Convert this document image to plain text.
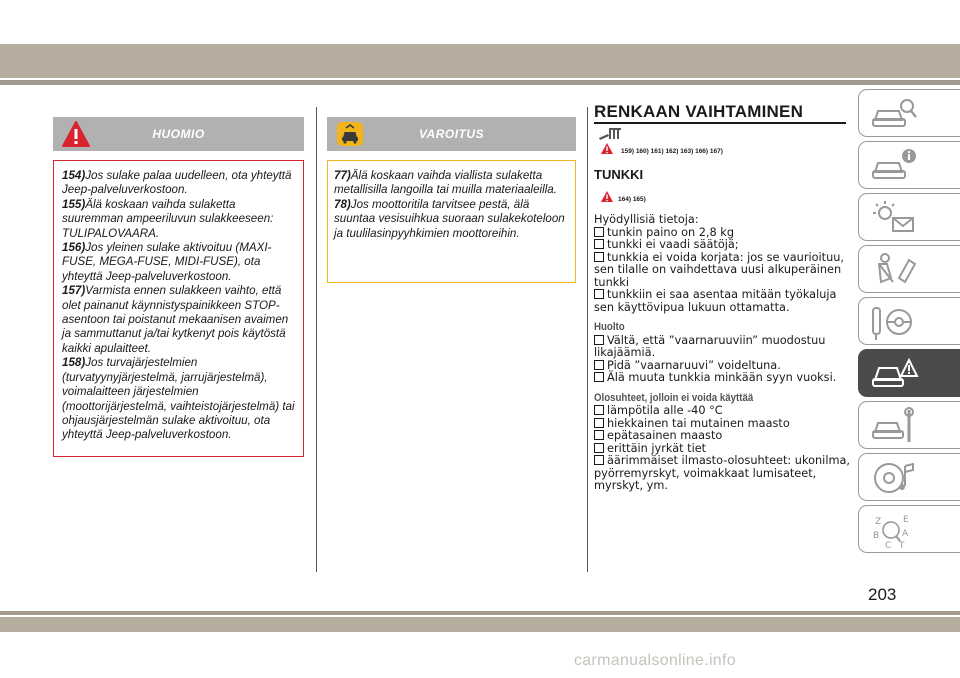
HUOMIO
154)Jos sulake palaa uudelleen, ota yhteyttä Jeep-palveluverkostoon.
155)Älä koskaan vaihda sulaketta suuremman ampeeriluvun sulakkeeseen: TULIPALOVAARA.
156)Jos yleinen sulake aktivoituu (MAXI-FUSE, MEGA-FUSE, MIDI-FUSE), ota yhteyttä Jeep-palveluverkostoon.
157)Varmista ennen sulakkeen vaihto, että olet painanut käynnistyspainikkeen STOP-asentoon tai poistanut mekaanisen avaimen ja sammuttanut ja/tai kytkenyt pois käytöstä kaikki apulaitteet.
158)Jos turvajärjestelmien (turvatyynyjärjestelmä, jarrujärjestelmä), voimalaitteen järjestelmien (moottorijärjestelmä, vaihteistojärjestelmä) tai ohjausjärjestelmän sulake aktivoituu, ota yhteyttä Jeep-palveluverkostoon.
VAROITUS
77)Älä koskaan vaihda viallista sulaketta metallisilla langoilla tai muilla materiaaleilla.
78)Jos moottoritila tarvitsee pestä, älä suuntaa vesisuihkua suoraan sulakekoteloon ja tuulilasinpyyhkimien moottoreihin.
RENKAAN VAIHTAMINEN
159) 160) 161) 162) 163) 166) 167)
TUNKKI
164) 165)
Hyödyllisiä tietoja:
tunkin paino on 2,8 kg
tunkki ei vaadi säätöjä;
tunkkia ei voida korjata: jos se vaurioituu, sen tilalle on vaihdettava uusi alkuperäinen tunkki
tunkkiin ei saa asentaa mitään työkaluja sen käyttövipua lukuun ottamatta.
Huolto
Vältä, että ”vaarnaruuviin” muodostuu likajäämiä.
Pidä ”vaarnaruuvi” voideltuna.
Älä muuta tunkkia minkään syyn vuoksi.
Olosuhteet, jolloin ei voida käyttää
lämpötila alle -40 °C
hiekkainen tai mutainen maasto
epätasainen maasto
erittäin jyrkät tiet
äärimmäiset ilmasto-olosuhteet: ukonilma, pyörremyrskyt, voimakkaat lumisateet, myrskyt, ym.
Z E
B	A
C T
203
carmanualsonline.info
